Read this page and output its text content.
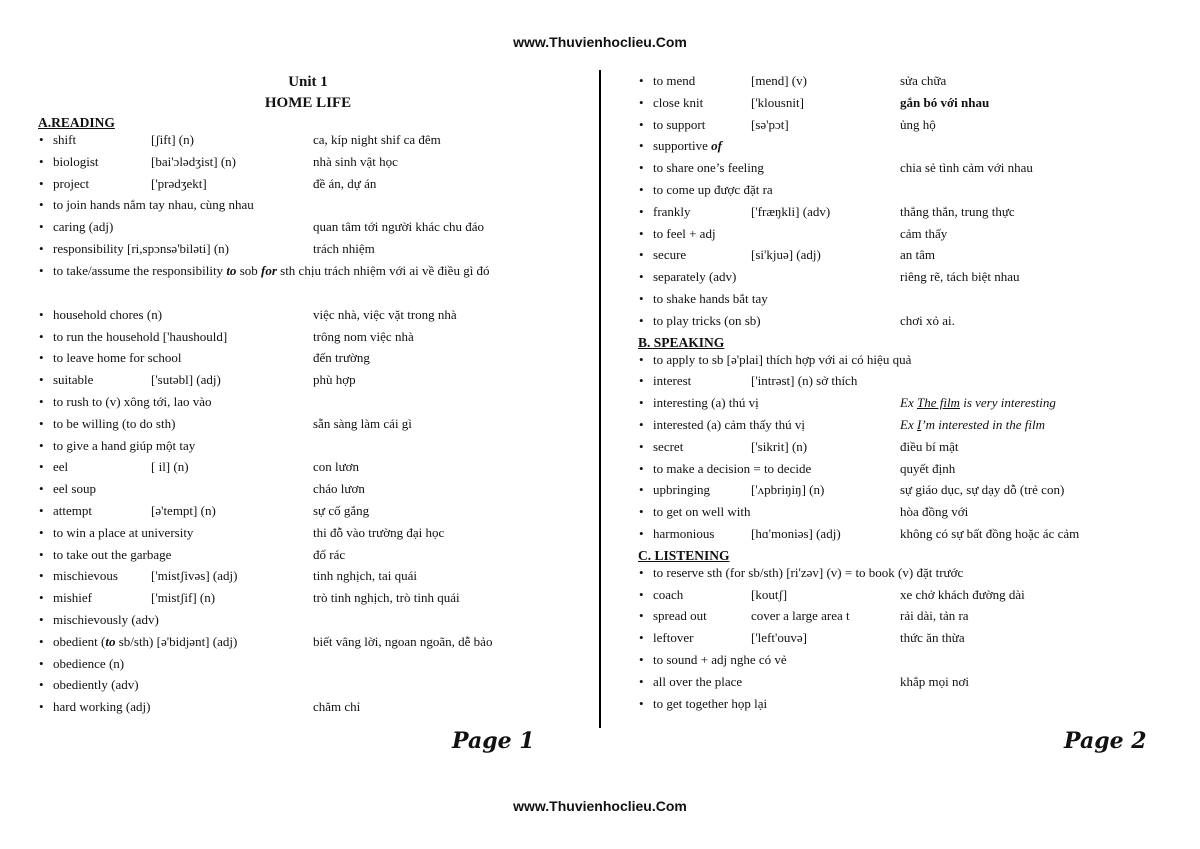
www.Thuvienhoclieu.Com
Unit 1
HOME LIFE
A.READING
• shift	[ʃift] (n)	ca, kíp night shif ca đêm
• biologist	[bai'ɔlədʒist] (n)	nhà sinh vật học
• project	['prədʒekt]	đề án, dự án
• to join hands nắm tay nhau, cùng nhau
• caring (adj)	quan tâm tới người khác chu đáo
• responsibility [ri,spɔnsə'biləti] (n)	trách nhiệm
• to take/assume the responsibility to sob for sth chịu trách nhiệm với ai về điều gì đó
• household chores (n)	việc nhà, việc vặt trong nhà
• to run the household ['haushould]	trông nom việc nhà
• to leave home for school	đến trường
• suitable	['sutəbl] (adj)	phù hợp
• to rush to (v) xông tới, lao vào
• to be willing (to do sth)	sẵn sàng làm cái gì
• to give a hand giúp một tay
• eel	[ il] (n)	con lươn
• eel soup	cháo lươn
• attempt	[ə'tempt] (n)	sự cố gắng
• to win a place at university	thi đỗ vào trường đại học
• to take out the garbage	đổ rác
• mischievous	['mistʃivəs] (adj)	tinh nghịch, tai quái
• mishief	['mistʃif] (n)	trò tinh nghịch, trò tinh quái
• mischievously (adv)
• obedient (to sb/sth) [ə'bidjənt] (adj)	biết vâng lời, ngoan ngoãn, dễ bảo
• obedience (n)
• obediently (adv)
• hard working (adj)	chăm chỉ
• to mend	[mend] (v)	sửa chữa
• close knit	['klousnit]	gắn bó với nhau
• to support	[sə'pɔt]	ủng hộ
• supportive of
• to share one’s feeling	chia sẻ tình cảm với nhau
• to come up được đặt ra
• frankly	['fræŋkli] (adv)	thẳng thắn, trung thực
• to feel + adj	cảm thấy
• secure	[si'kjuə] (adj)	an tâm
• separately (adv)	riêng rẽ, tách biệt nhau
• to shake hands bắt tay
• to play tricks (on sb)	chơi xỏ ai.
B. SPEAKING
• to apply to sb [ə'plai] thích hợp với ai có hiệu quả
• interest	['intrəst] (n) sở thích
• interesting (a) thú vị	Ex The film is very interesting
• interested (a) cảm thấy thú vị	Ex I’m interested in the film
• secret	['sikrit] (n)	điều bí mật
• to make a decision = to decide	quyết định
• upbringing	['ʌpbriŋiŋ] (n)	sự giáo dục, sự dạy dỗ (trẻ con)
• to get on well with	hòa đồng với
• harmonious	[hɑ'moniəs] (adj)	không có sự bất đồng hoặc ác cảm
C. LISTENING
• to reserve sth (for sb/sth) [ri'zəv] (v) = to book (v) đặt trước
• coach	[koutʃ]	xe chở khách đường dài
• spread out	cover a large area t	rải dài, tản ra
• leftover	['left'ouvə]	thức ăn thừa
• to sound + adj nghe có vẻ
• all over the place	khắp mọi nơi
• to get together họp lại
Page 1	Page 2
www.Thuvienhoclieu.Com
